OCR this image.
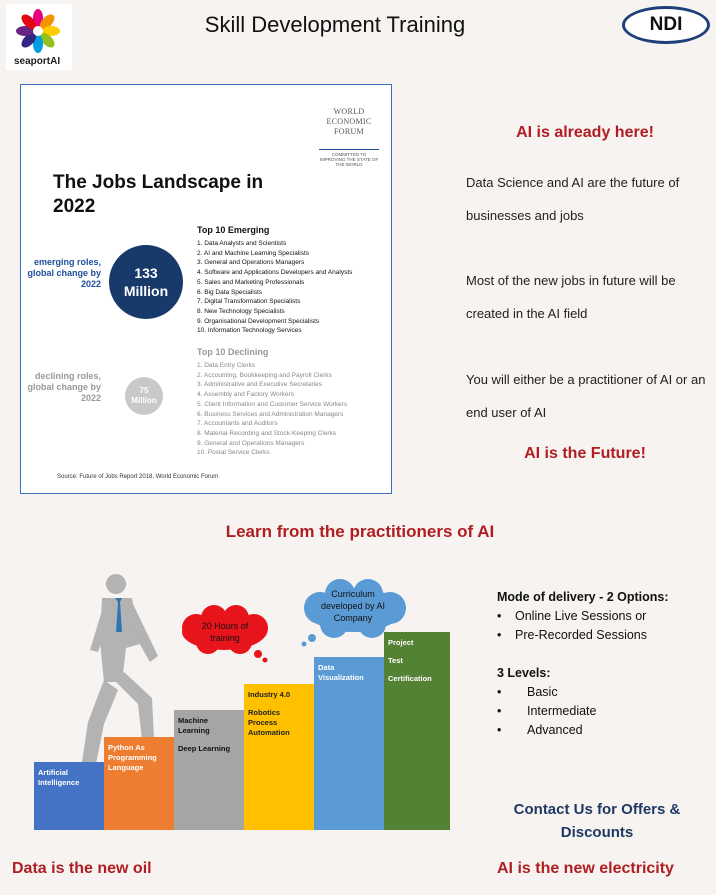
seaportAI
Skill Development Training	NDI
WORLD ECONOMIC FORUM
COMMITTED TO IMPROVING THE STATE OF THE WORLD
The Jobs Landscape in 2022
emerging roles, global change by 2022
133
Million
Top 10 Emerging
1. Data Analysts and Scientists
2. AI and Machine Learning Specialists
3. General and Operations Managers
4. Software and Applications Developers and Analysts
5. Sales and Marketing Professionals
6. Big Data Specialists
7. Digital Transformation Specialists
8. New Technology Specialists
9. Organisational Development Specialists
10. Information Technology Services
declining roles, global change by 2022
75
Million
Top 10 Declining
1. Data Entry Clerks
2. Accounting, Bookkeeping and Payroll Clerks
3. Administrative and Executive Secretaries
4. Assembly and Factory Workers
5. Client Information and Customer Service Workers
6. Business Services and Administration Managers
7. Accountants and Auditors
8. Material-Recording and Stock-Keeping Clerks
9. General and Operations Managers
10. Postal Service Clerks
Source: Future of Jobs Report 2018, World Economic Forum
AI is already here!
Data Science and AI are the future of businesses and jobs
Most of the new jobs in future will be created in the AI field
You will either be a practitioner of AI or an end user of AI
AI is the Future!
Learn from the practitioners of AI
Artificial Intelligence
Python As Programming Language
Machine Learning
Deep Learning
Industry 4.0
Robotics Process Automation
Data Visualization
Project
Test
Certification
20 Hours of training
Curriculum developed by AI Company
Mode of delivery - 2 Options:
•	Online Live Sessions or
•	Pre-Recorded Sessions
3 Levels:
•	Basic
•	Intermediate
•	Advanced
Contact Us for Offers & Discounts
Data is the new oil	AI is the new electricity
